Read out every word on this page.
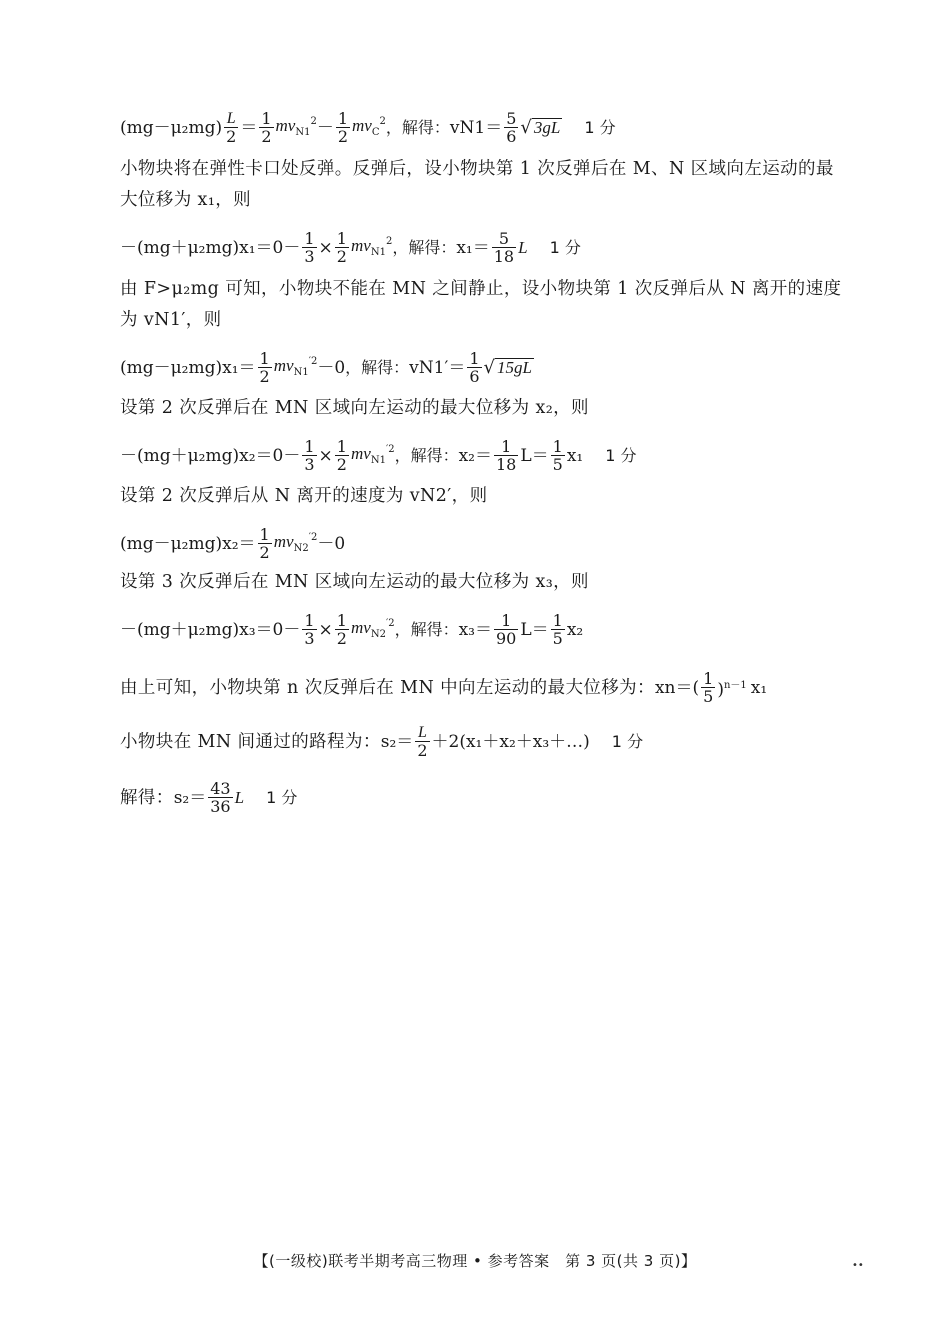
$(mg-\mu_2mg) \frac{L}{2} = \frac{1}{2} mv_{N1}^2 - \frac{1}{2} mv_C^2$ ，解得： $vN1= \frac{5}{6}$ √ 3gL 1 分
小物块将在弹性卡口处反弹。反弹后，设小物块第 1 次反弹后在 M、N 区域向左运动的最
大位移为 x₁，则
$-(mg+\mu_2mg)x_1=0- \frac{1}{3} \times \frac{1}{2} mv_{N1}^2$ ，解得： $x_1= \frac{5}{18}$ L 1 分
由 F>μ₂mg 可知，小物块不能在 MN 之间静止，设小物块第 1 次反弹后从 N 离开的速度
为 vN1′，则
$(mg-\mu_2mg)x_1= \frac{1}{2} mv_{N1}^{'2} -0$ ，解得： $vN1'= \frac{1}{6}$ √ 15gL
设第 2 次反弹后在 MN 区域向左运动的最大位移为 x₂，则
$-(mg+\mu_2mg)x_2=0- \frac{1}{3} \times \frac{1}{2} mv_{N1}^{'2}$ ，解得： $x_2= \frac{1}{18} L= \frac{1}{5} x_1$ 1 分
设第 2 次反弹后从 N 离开的速度为 vN2′，则
$(mg-\mu_2mg)x_2= \frac{1}{2} mv_{N2}^{'2} -0$
设第 3 次反弹后在 MN 区域向左运动的最大位移为 x₃，则
$-(mg+\mu_2mg)x_3=0- \frac{1}{3} \times \frac{1}{2} mv_{N2}^{'2}$ ，解得： $x_3= \frac{1}{90} L= \frac{1}{5} x_2$
由上可知，小物块第 n 次反弹后在 MN 中向左运动的最大位移为： $xn=( \frac{1}{5} )^{n-1}$ x₁
小物块在 MN 间通过的路程为： $s_2= \frac{L}{2}$ ＋2(x₁＋x₂＋x₃＋…) 1 分
解得： $s_2= \frac{43}{36}$ L 1 分
【(一级校)联考半期考高三物理 • 参考答案　第 3 页(共 3 页)】	••
